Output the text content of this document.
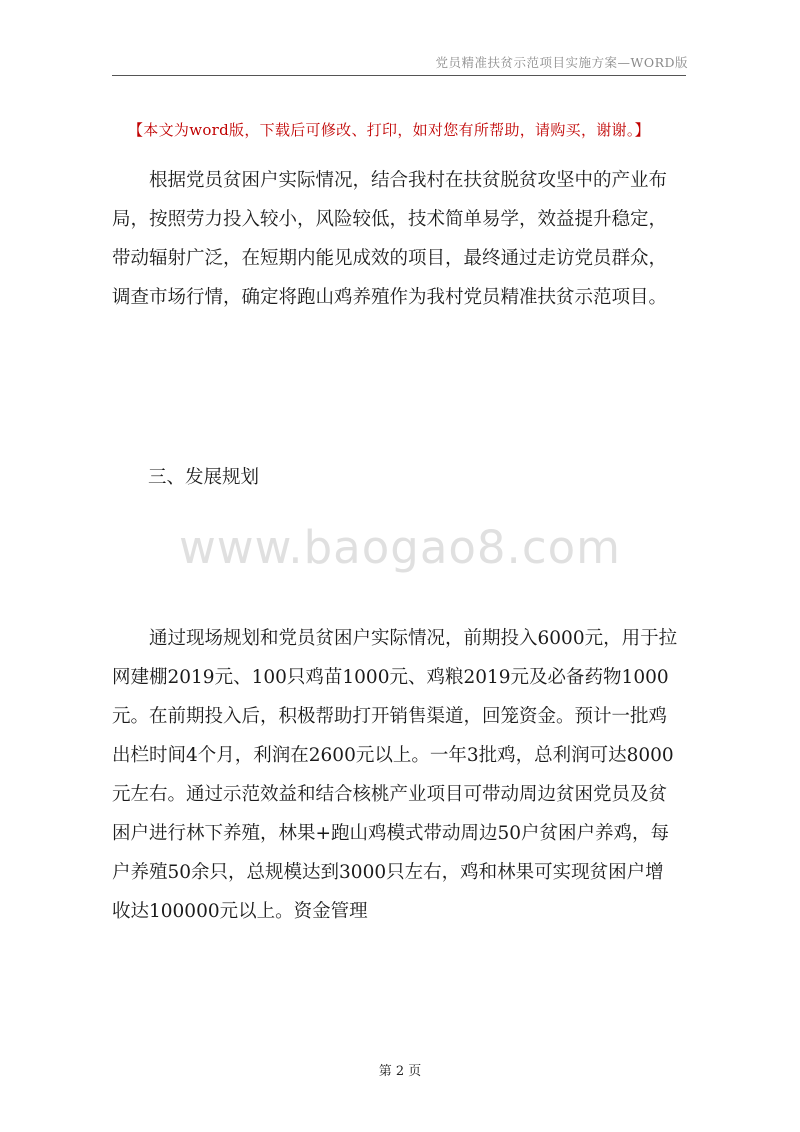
党员精准扶贫示范项目实施方案—WORD版
【本文为word版，下载后可修改、打印，如对您有所帮助，请购买，谢谢。】

　　根据党员贫困户实际情况，结合我村在扶贫脱贫攻坚中的产业布
局，按照劳力投入较小，风险较低，技术简单易学，效益提升稳定，
带动辐射广泛，在短期内能见成效的项目，最终通过走访党员群众，
调查市场行情，确定将跑山鸡养殖作为我村党员精准扶贫示范项目。

三、发展规划
www.baogao8.com

　　通过现场规划和党员贫困户实际情况，前期投入6000元，用于拉
网建棚2019元、100只鸡苗1000元、鸡粮2019元及必备药物1000
元。在前期投入后，积极帮助打开销售渠道，回笼资金。预计一批鸡
出栏时间4个月，利润在2600元以上。一年3批鸡，总利润可达8000
元左右。通过示范效益和结合核桃产业项目可带动周边贫困党员及贫
困户进行林下养殖，林果+跑山鸡模式带动周边50户贫困户养鸡，每
户养殖50余只，总规模达到3000只左右，鸡和林果可实现贫困户增
收达100000元以上。资金管理

第 2 页
